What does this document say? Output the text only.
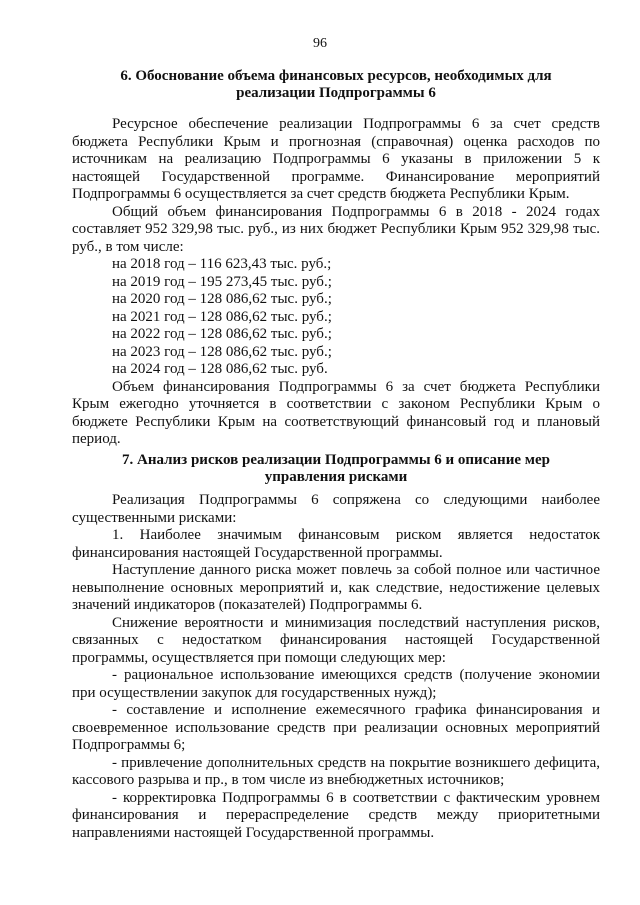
96
6. Обоснование объема финансовых ресурсов, необходимых для
реализации Подпрограммы 6

Ресурсное обеспечение реализации Подпрограммы 6 за счет средств бюджета Республики Крым и прогнозная (справочная) оценка расходов по источникам на реализацию Подпрограммы 6 указаны в приложении 5 к настоящей Государственной программе. Финансирование мероприятий Подпрограммы 6 осуществляется за счет средств бюджета Республики Крым.

Общий объем финансирования Подпрограммы 6 в 2018 - 2024 годах составляет 952 329,98 тыс. руб., из них бюджет Республики Крым 952 329,98 тыс. руб., в том числе:

на 2018 год – 116 623,43 тыс. руб.;
на 2019 год – 195 273,45 тыс. руб.;
на 2020 год – 128 086,62 тыс. руб.;
на 2021 год – 128 086,62 тыс. руб.;
на 2022 год – 128 086,62 тыс. руб.;
на 2023 год – 128 086,62 тыс. руб.;
на 2024 год – 128 086,62 тыс. руб.

Объем финансирования Подпрограммы 6 за счет бюджета Республики Крым ежегодно уточняется в соответствии с законом Республики Крым о бюджете Республики Крым на соответствующий финансовый год и плановый период.

7. Анализ рисков реализации Подпрограммы 6 и описание мер
управления рисками

Реализация Подпрограммы 6 сопряжена со следующими наиболее существенными рисками:

1. Наиболее значимым финансовым риском является недостаток финансирования настоящей Государственной программы.

Наступление данного риска может повлечь за собой полное или частичное невыполнение основных мероприятий и, как следствие, недостижение целевых значений индикаторов (показателей) Подпрограммы 6.

Снижение вероятности и минимизация последствий наступления рисков, связанных с недостатком финансирования настоящей Государственной программы, осуществляется при помощи следующих мер:

- рациональное использование имеющихся средств (получение экономии при осуществлении закупок для государственных нужд);

- составление и исполнение ежемесячного графика финансирования и своевременное использование средств при реализации основных мероприятий Подпрограммы 6;

- привлечение дополнительных средств на покрытие возникшего дефицита, кассового разрыва и пр., в том числе из внебюджетных источников;

- корректировка Подпрограммы 6 в соответствии с фактическим уровнем финансирования и перераспределение средств между приоритетными направлениями настоящей Государственной программы.
